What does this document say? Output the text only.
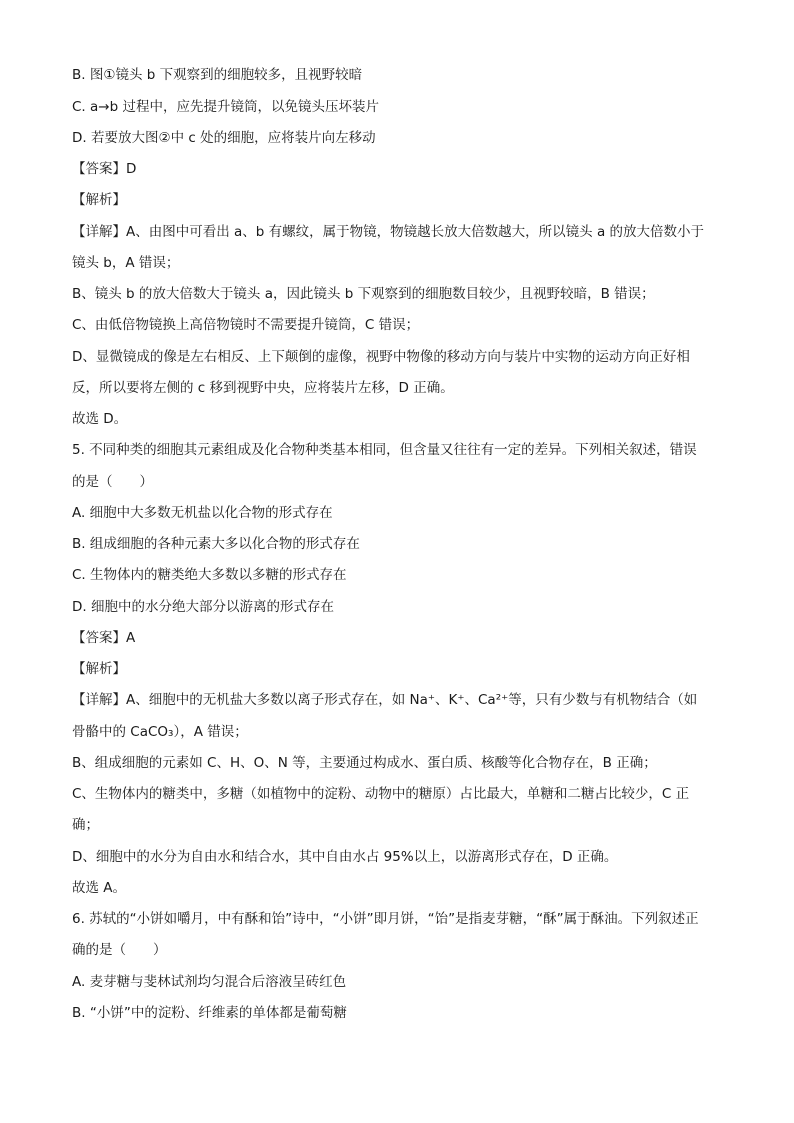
B. 图①镜头 b 下观察到的细胞较多，且视野较暗
C. a→b 过程中，应先提升镜筒，以免镜头压坏装片
D. 若要放大图②中 c 处的细胞，应将装片向左移动
【答案】D
【解析】
【详解】A、由图中可看出 a、b 有螺纹，属于物镜，物镜越长放大倍数越大，所以镜头 a 的放大倍数小于
镜头 b，A 错误；
B、镜头 b 的放大倍数大于镜头 a，因此镜头 b 下观察到的细胞数目较少，且视野较暗，B 错误；
C、由低倍物镜换上高倍物镜时不需要提升镜筒，C 错误；
D、显微镜成的像是左右相反、上下颠倒的虚像，视野中物像的移动方向与装片中实物的运动方向正好相
反，所以要将左侧的 c 移到视野中央，应将装片左移，D 正确。
故选 D。
5. 不同种类的细胞其元素组成及化合物种类基本相同，但含量又往往有一定的差异。下列相关叙述，错误
的是（　　）
A. 细胞中大多数无机盐以化合物的形式存在
B. 组成细胞的各种元素大多以化合物的形式存在
C. 生物体内的糖类绝大多数以多糖的形式存在
D. 细胞中的水分绝大部分以游离的形式存在
【答案】A
【解析】
【详解】A、细胞中的无机盐大多数以离子形式存在，如 Na⁺、K⁺、Ca²⁺等，只有少数与有机物结合（如
骨骼中的 CaCO₃），A 错误；
B、组成细胞的元素如 C、H、O、N 等，主要通过构成水、蛋白质、核酸等化合物存在，B 正确；
C、生物体内的糖类中，多糖（如植物中的淀粉、动物中的糖原）占比最大，单糖和二糖占比较少，C 正
确；
D、细胞中的水分为自由水和结合水，其中自由水占 95%以上，以游离形式存在，D 正确。
故选 A。
6. 苏轼的“小饼如嚼月，中有酥和饴”诗中，“小饼”即月饼，“饴”是指麦芽糖，“酥”属于酥油。下列叙述正
确的是（　　）
A. 麦芽糖与斐林试剂均匀混合后溶液呈砖红色
B. “小饼”中的淀粉、纤维素的单体都是葡萄糖
